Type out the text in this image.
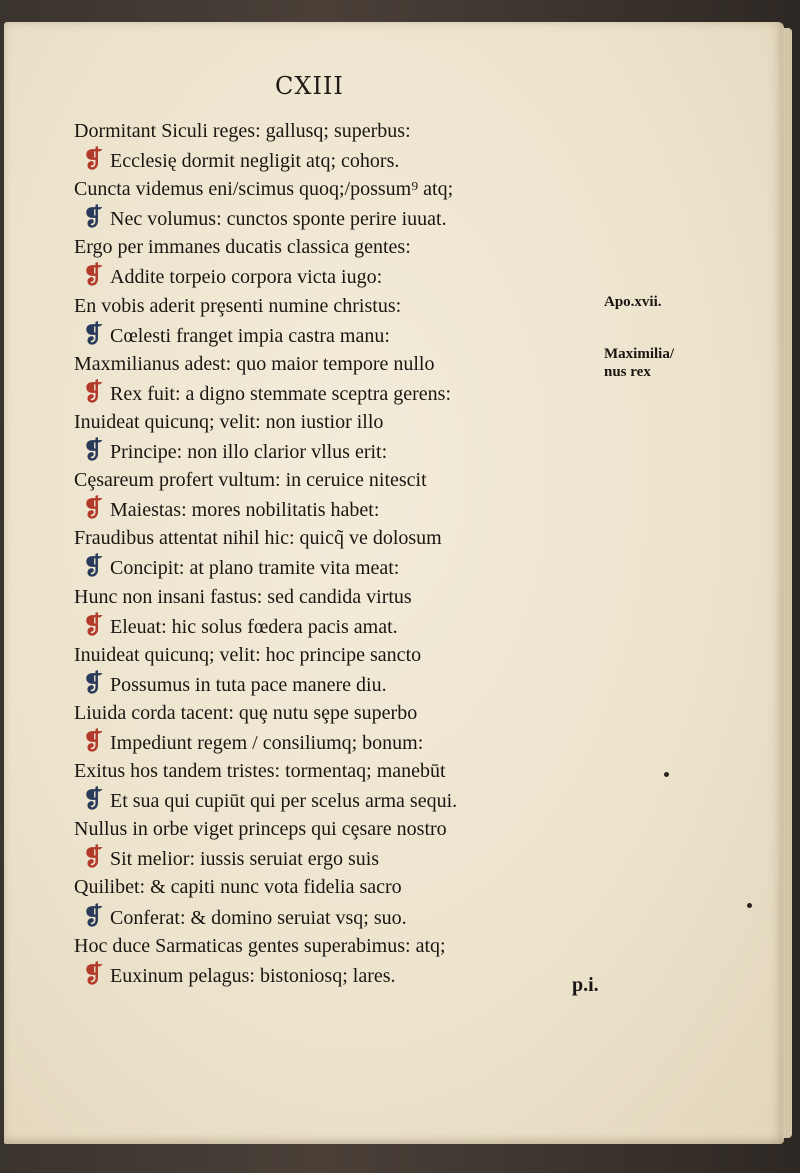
CXIII
Dormitant Siculi reges: gallusq; superbus:
❡ Ecclesię dormit negligit atq; cohors.
Cuncta videmus eni/scimus quoq;/possum⁹ atq;
❡ Nec volumus: cunctos sponte perire iuuat.
Ergo per immanes ducatis classica gentes:
❡ Addite torpeio corpora victa iugo:
En vobis aderit prȩsenti numine christus:
❡ Cœlesti franget impia castra manu:
Maxmilianus adest: quo maior tempore nullo
❡ Rex fuit: a digno stemmate sceptra gerens:
Inuideat quicunq; velit: non iustior illo
❡ Principe: non illo clarior vllus erit:
Cȩsareum profert vultum: in ceruice nitescit
❡ Maiestas: mores nobilitatis habet:
Fraudibus attentat nihil hic: quicq̃ ve dolosum
❡ Concipit: at plano tramite vita meat:
Hunc non insani fastus: sed candida virtus
❡ Eleuat: hic solus fœdera pacis amat.
Inuideat quicunq; velit: hoc principe sancto
❡ Possumus in tuta pace manere diu.
Liuida corda tacent: quȩ nutu sȩpe superbo
❡ Impediunt regem / consiliumq; bonum:
Exitus hos tandem tristes: tormentaq; manebūt
❡ Et sua qui cupiūt qui per scelus arma sequi.
Nullus in orbe viget princeps qui cȩsare nostro
❡ Sit melior: iussis seruiat ergo suis
Quilibet: & capiti nunc vota fidelia sacro
❡ Conferat: & domino seruiat vsq; suo.
Hoc duce Sarmaticas gentes superabimus: atq;
❡ Euxinum pelagus: bistoniosq; lares.
Apo.xvii.
Maximilia/
nus rex
p.i.
